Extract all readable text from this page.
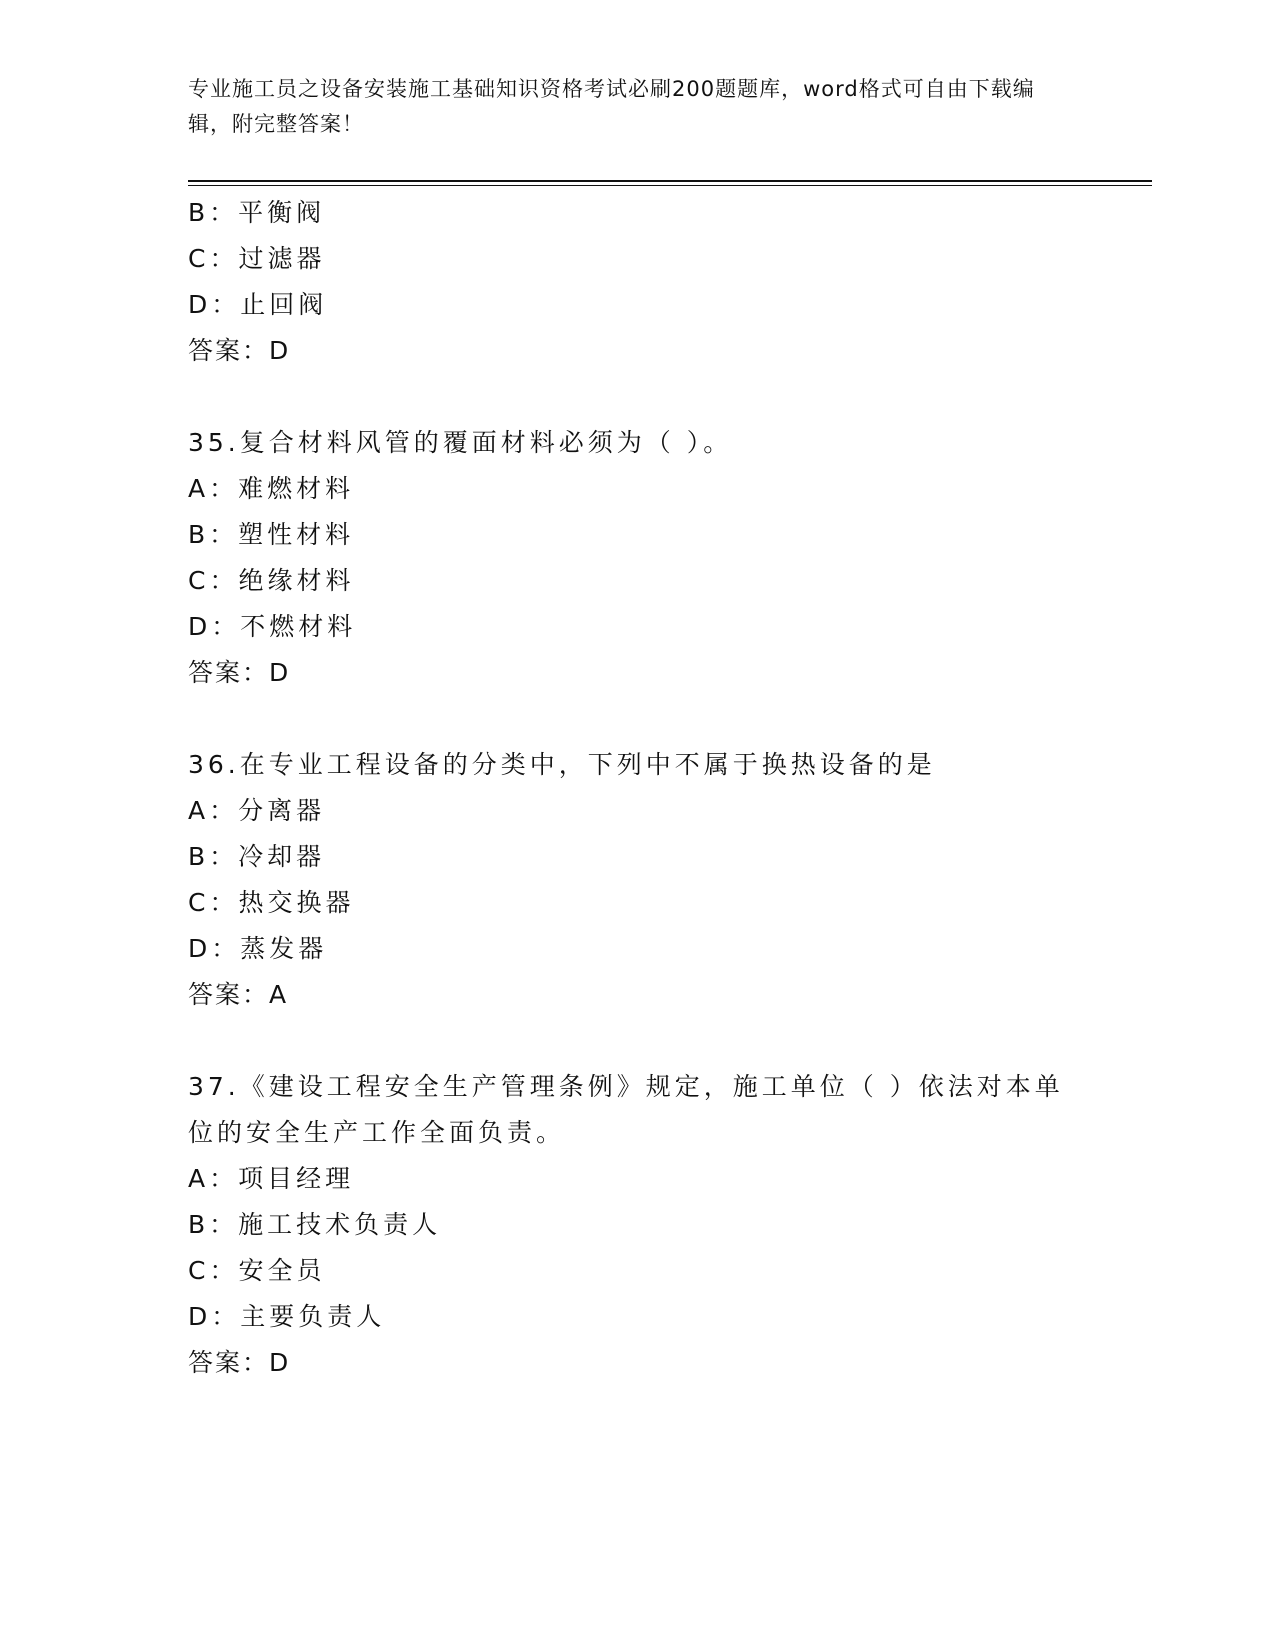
专业施工员之设备安装施工基础知识资格考试必刷200题题库，word格式可自由下载编辑，附完整答案！
B：平衡阀
C：过滤器
D：止回阀
答案：D
35.复合材料风管的覆面材料必须为（ ）。
A：难燃材料
B：塑性材料
C：绝缘材料
D：不燃材料
答案：D
36.在专业工程设备的分类中，下列中不属于换热设备的是
A：分离器
B：冷却器
C：热交换器
D：蒸发器
答案：A
37.《建设工程安全生产管理条例》规定，施工单位（ ）依法对本单位的安全生产工作全面负责。
A：项目经理
B：施工技术负责人
C：安全员
D：主要负责人
答案：D
